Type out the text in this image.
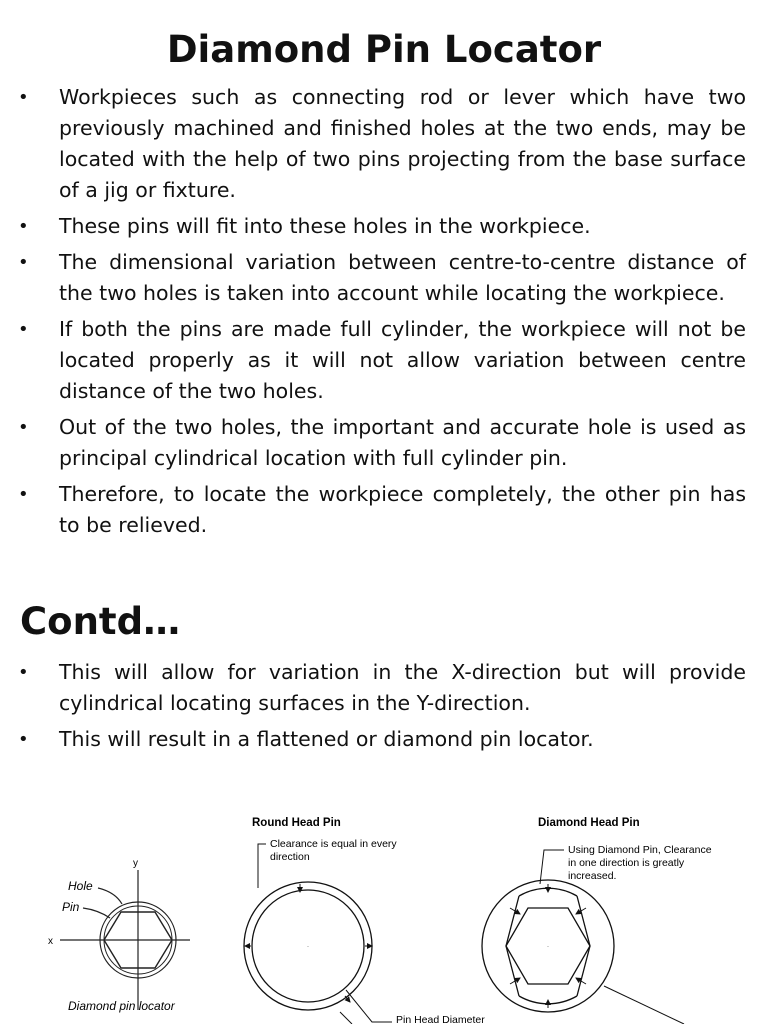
Diamond Pin Locator
• Workpieces such as connecting rod or lever which have two previously machined and finished holes at the two ends, may be located with the help of two pins projecting from the base surface of a jig or fixture.
• These pins will fit into these holes in the workpiece.
• The dimensional variation between centre-to-centre distance of the two holes is taken into account while locating the workpiece.
• If both the pins are made full cylinder, the workpiece will not be located properly as it will not allow variation between centre distance of the two holes.
• Out of the two holes, the important and accurate hole is used as principal cylindrical location with full cylinder pin.
• Therefore, to locate the workpiece completely, the other pin has to be relieved.
Contd…
• This will allow for variation in the X-direction but will provide cylindrical locating surfaces in the Y-direction.
• This will result in a flattened or diamond pin locator.
Hole
Pin
x
y
Diamond pin locator
Round Head Pin
Clearance is equal in every
direction
·
Pin Head Diameter
Diamond Head Pin
Using Diamond Pin, Clearance
in one direction is greatly
increased.
·
